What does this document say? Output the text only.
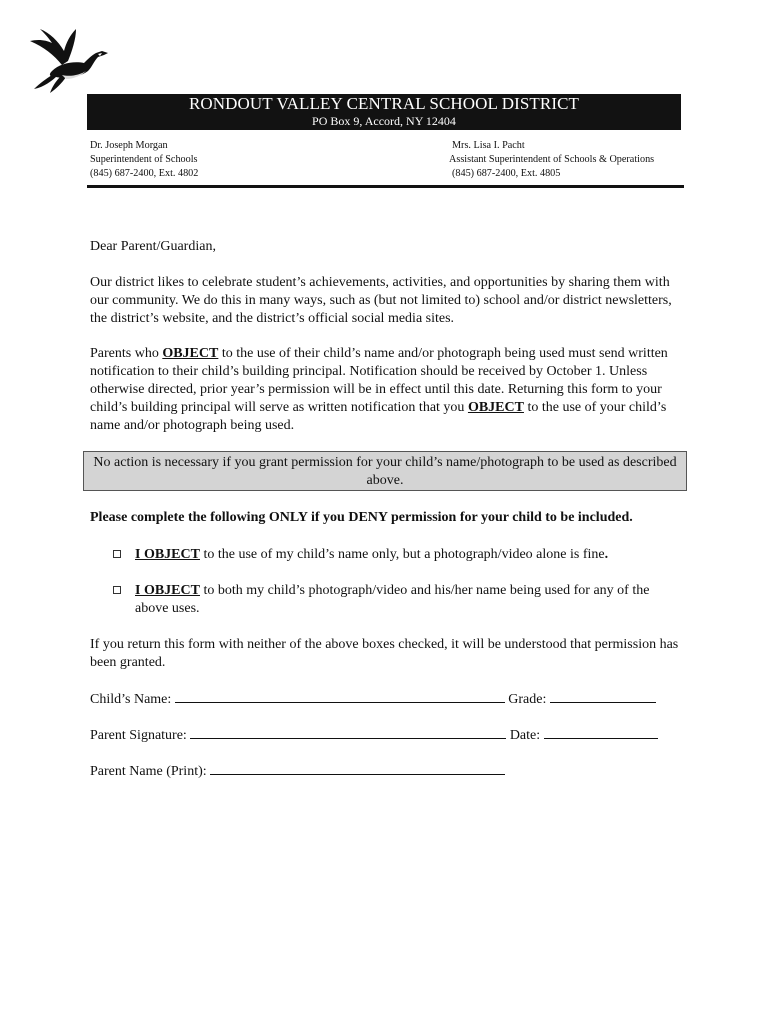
RONDOUT VALLEY CENTRAL SCHOOL DISTRICT
PO Box 9, Accord, NY 12404
Dr. Joseph Morgan
Superintendent of Schools
(845) 687-2400, Ext. 4802
Mrs. Lisa I. Pacht
Assistant Superintendent of Schools & Operations
(845) 687-2400, Ext. 4805
Dear Parent/Guardian,

Our district likes to celebrate student’s achievements, activities, and opportunities by sharing them with our community. We do this in many ways, such as (but not limited to) school and/or district newsletters, the district’s website, and the district’s official social media sites.

Parents who OBJECT to the use of their child’s name and/or photograph being used must send written notification to their child’s building principal. Notification should be received by October 1. Unless otherwise directed, prior year’s permission will be in effect until this date. Returning this form to your child’s building principal will serve as written notification that you OBJECT to the use of your child’s name and/or photograph being used.

No action is necessary if you grant permission for your child’s name/photograph to be used as described above.
Please complete the following ONLY if you DENY permission for your child to be included.
I OBJECT to the use of my child’s name only, but a photograph/video alone is fine.
I OBJECT to both my child’s photograph/video and his/her name being used for any of the above uses.

If you return this form with neither of the above boxes checked, it will be understood that permission has been granted.

Child’s Name:	Grade:
Parent Signature:	Date:
Parent Name (Print):
